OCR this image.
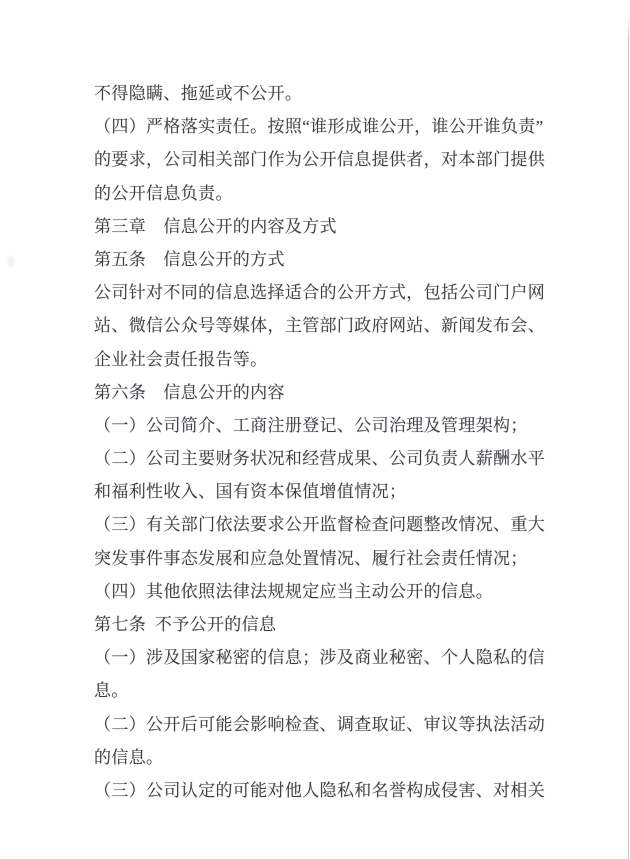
不得隐瞒、拖延或不公开。
（四）严格落实责任。按照“谁形成谁公开，谁公开谁负责”
的要求，公司相关部门作为公开信息提供者，对本部门提供
的公开信息负责。
第三章　信息公开的内容及方式
第五条　信息公开的方式
公司针对不同的信息选择适合的公开方式，包括公司门户网
站、微信公众号等媒体，主管部门政府网站、新闻发布会、
企业社会责任报告等。
第六条　信息公开的内容
（一）公司简介、工商注册登记、公司治理及管理架构；
（二）公司主要财务状况和经营成果、公司负责人薪酬水平
和福利性收入、国有资本保值增值情况；
（三）有关部门依法要求公开监督检查问题整改情况、重大
突发事件事态发展和应急处置情况、履行社会责任情况；
（四）其他依照法律法规规定应当主动公开的信息。
第七条 不予公开的信息
（一）涉及国家秘密的信息；涉及商业秘密、个人隐私的信
息。
（二）公开后可能会影响检查、调查取证、审议等执法活动
的信息。
（三）公司认定的可能对他人隐私和名誉构成侵害、对相关
